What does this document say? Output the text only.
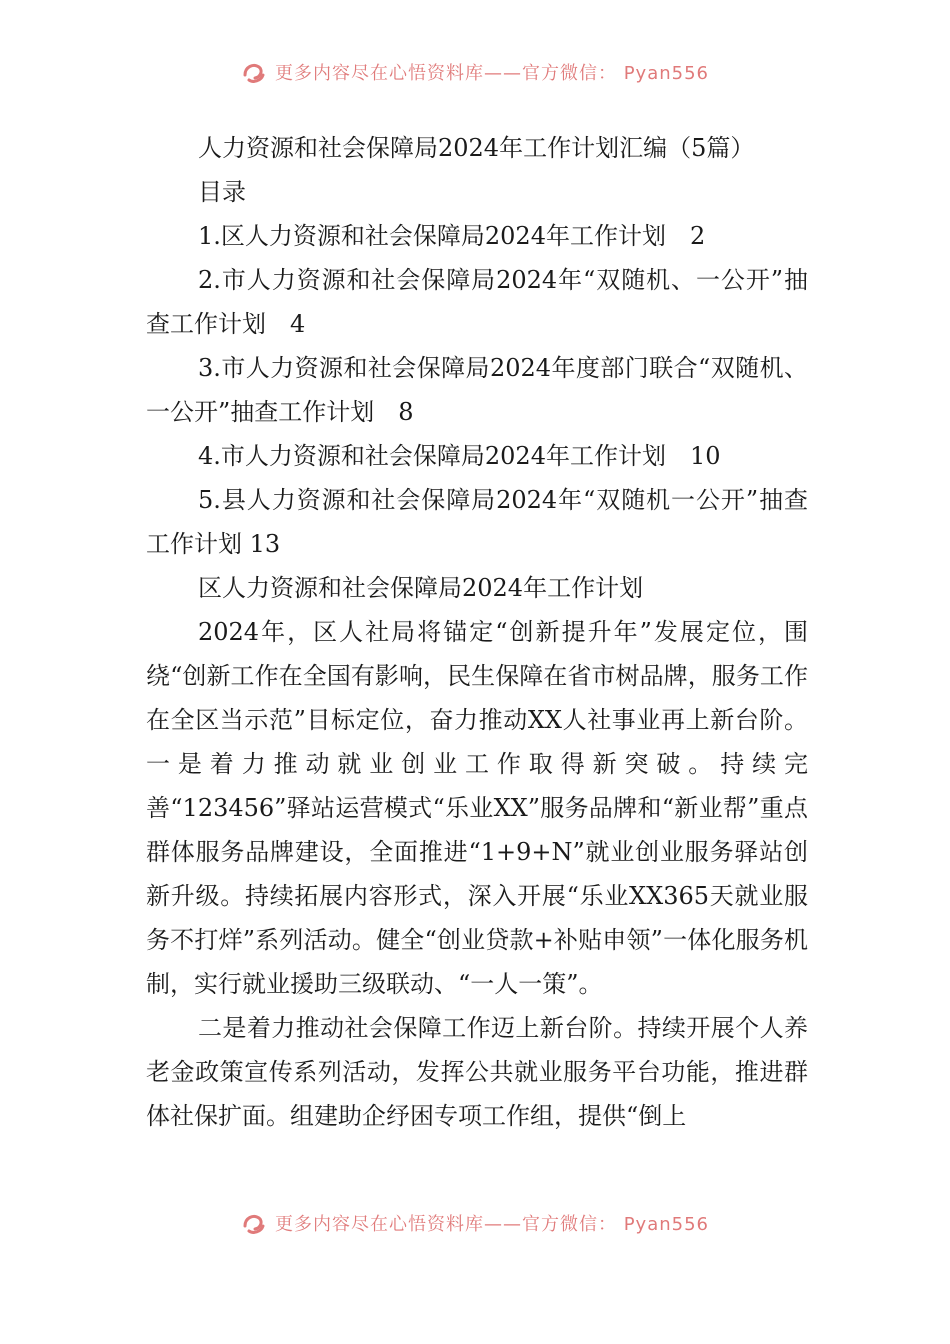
更多内容尽在心悟资料库——官方微信： Pyan556

人力资源和社会保障局2024年工作计划汇编（5篇）

目录

1.区人力资源和社会保障局2024年工作计划　2

2.市人力资源和社会保障局2024年“双随机、一公开”抽查工作计划　4

3.市人力资源和社会保障局2024年度部门联合“双随机、一公开”抽查工作计划　8

4.市人力资源和社会保障局2024年工作计划　10

5.县人力资源和社会保障局2024年“双随机一公开”抽查工作计划 13

区人力资源和社会保障局2024年工作计划

2024年，区人社局将锚定“创新提升年”发展定位，围绕“创新工作在全国有影响，民生保障在省市树品牌，服务工作在全区当示范”目标定位，奋力推动XX人社事业再上新台阶。一是着力推动就业创业工作取得新突破。持续完善“123456”驿站运营模式“乐业XX”服务品牌和“新业帮”重点群体服务品牌建设，全面推进“1+9+N”就业创业服务驿站创新升级。持续拓展内容形式，深入开展“乐业XX365天就业服务不打烊”系列活动。健全“创业贷款+补贴申领”一体化服务机制，实行就业援助三级联动、“一人一策”。

二是着力推动社会保障工作迈上新台阶。持续开展个人养老金政策宣传系列活动，发挥公共就业服务平台功能，推进群体社保扩面。组建助企纾困专项工作组，提供“倒上

更多内容尽在心悟资料库——官方微信： Pyan556
